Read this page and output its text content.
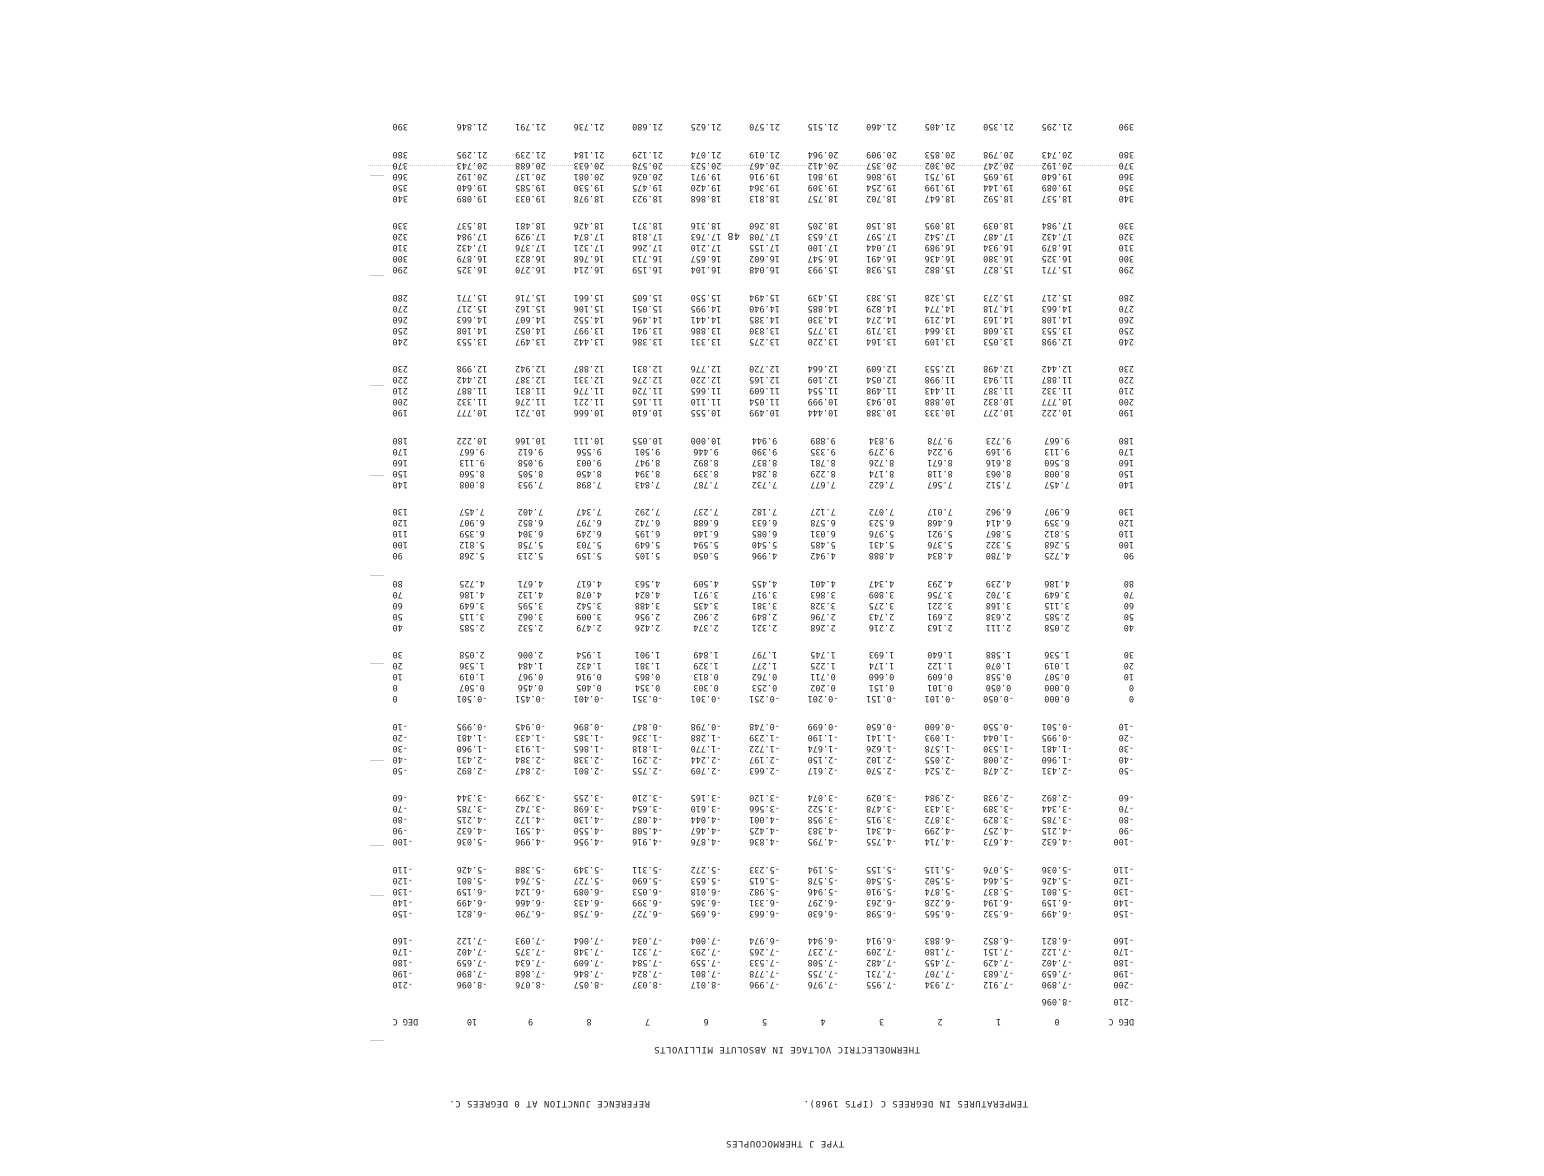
TYPE J THERMOCOUPLES
TEMPERATURES IN DEGREES C (IPTS 1968).
REFERENCE JUNCTION AT 0 DEGREES C.
THERMOELECTRIC VOLTAGE IN ABSOLUTE MILLIVOLTS
DEG C
0
1
2
3
4
5
6
7
8
9
10
DEG C
-210
-8.096
-200
-7.890
-7.912
-7.934
-7.955
-7.976
-7.996
-8.017
-8.037
-8.057
-8.076
-8.096
-210
-190
-7.659
-7.683
-7.707
-7.731
-7.755
-7.778
-7.801
-7.824
-7.846
-7.868
-7.890
-190
-180
-7.402
-7.429
-7.455
-7.482
-7.508
-7.533
-7.559
-7.584
-7.609
-7.634
-7.659
-180
-170
-7.122
-7.151
-7.180
-7.209
-7.237
-7.265
-7.293
-7.321
-7.348
-7.375
-7.402
-170
-160
-6.821
-6.852
-6.883
-6.914
-6.944
-6.974
-7.004
-7.034
-7.064
-7.093
-7.122
-160
-150
-6.499
-6.532
-6.565
-6.598
-6.630
-6.663
-6.695
-6.727
-6.758
-6.790
-6.821
-150
-140
-6.159
-6.194
-6.228
-6.263
-6.297
-6.331
-6.365
-6.399
-6.433
-6.466
-6.499
-140
-130
-5.801
-5.837
-5.874
-5.910
-5.946
-5.982
-6.018
-6.053
-6.089
-6.124
-6.159
-130
-120
-5.426
-5.464
-5.502
-5.540
-5.578
-5.615
-5.653
-5.690
-5.727
-5.764
-5.801
-120
-110
-5.036
-5.076
-5.115
-5.155
-5.194
-5.233
-5.272
-5.311
-5.349
-5.388
-5.426
-110
-100
-4.632
-4.673
-4.714
-4.755
-4.795
-4.836
-4.876
-4.916
-4.956
-4.996
-5.036
-100
-90
-4.215
-4.257
-4.299
-4.341
-4.383
-4.425
-4.467
-4.508
-4.550
-4.591
-4.632
-90
-80
-3.785
-3.829
-3.872
-3.915
-3.958
-4.001
-4.044
-4.087
-4.130
-4.172
-4.215
-80
-70
-3.344
-3.389
-3.433
-3.478
-3.522
-3.566
-3.610
-3.654
-3.698
-3.742
-3.785
-70
-60
-2.892
-2.938
-2.984
-3.029
-3.074
-3.120
-3.165
-3.210
-3.255
-3.299
-3.344
-60
-50
-2.431
-2.478
-2.524
-2.570
-2.617
-2.663
-2.709
-2.755
-2.801
-2.847
-2.892
-50
-40
-1.960
-2.008
-2.055
-2.102
-2.150
-2.197
-2.244
-2.291
-2.338
-2.384
-2.431
-40
-30
-1.481
-1.530
-1.578
-1.626
-1.674
-1.722
-1.770
-1.818
-1.865
-1.913
-1.960
-30
-20
-0.995
-1.044
-1.093
-1.141
-1.190
-1.239
-1.288
-1.336
-1.385
-1.433
-1.481
-20
-10
-0.501
-0.550
-0.600
-0.650
-0.699
-0.748
-0.798
-0.847
-0.896
-0.945
-0.995
-10
0
0.000
-0.050
-0.101
-0.151
-0.201
-0.251
-0.301
-0.351
-0.401
-0.451
-0.501
0
0
0.000
0.050
0.101
0.151
0.202
0.253
0.303
0.354
0.405
0.456
0.507
0
10
0.507
0.558
0.609
0.660
0.711
0.762
0.813
0.865
0.916
0.967
1.019
10
20
1.019
1.070
1.122
1.174
1.225
1.277
1.329
1.381
1.432
1.484
1.536
20
30
1.536
1.588
1.640
1.693
1.745
1.797
1.849
1.901
1.954
2.006
2.058
30
40
2.058
2.111
2.163
2.216
2.268
2.321
2.374
2.426
2.479
2.532
2.585
40
50
2.585
2.638
2.691
2.743
2.796
2.849
2.902
2.956
3.009
3.062
3.115
50
60
3.115
3.168
3.221
3.275
3.328
3.381
3.435
3.488
3.542
3.595
3.649
60
70
3.649
3.702
3.756
3.809
3.863
3.917
3.971
4.024
4.078
4.132
4.186
70
80
4.186
4.239
4.293
4.347
4.401
4.455
4.509
4.563
4.617
4.671
4.725
80
90
4.725
4.780
4.834
4.888
4.942
4.996
5.050
5.105
5.159
5.213
5.268
90
100
5.268
5.322
5.376
5.431
5.485
5.540
5.594
5.649
5.703
5.758
5.812
100
110
5.812
5.867
5.921
5.976
6.031
6.085
6.140
6.195
6.249
6.304
6.359
110
120
6.359
6.414
6.468
6.523
6.578
6.633
6.688
6.742
6.797
6.852
6.907
120
130
6.907
6.962
7.017
7.072
7.127
7.182
7.237
7.292
7.347
7.402
7.457
130
140
7.457
7.512
7.567
7.622
7.677
7.732
7.787
7.843
7.898
7.953
8.008
140
150
8.008
8.063
8.118
8.174
8.229
8.284
8.339
8.394
8.450
8.505
8.560
150
160
8.560
8.616
8.671
8.726
8.781
8.837
8.892
8.947
9.003
9.058
9.113
160
170
9.113
9.169
9.224
9.279
9.335
9.390
9.446
9.501
9.556
9.612
9.667
170
180
9.667
9.723
9.778
9.834
9.889
9.944
10.000
10.055
10.111
10.166
10.222
180
190
10.222
10.277
10.333
10.388
10.444
10.499
10.555
10.610
10.666
10.721
10.777
190
200
10.777
10.832
10.888
10.943
10.999
11.054
11.110
11.165
11.221
11.276
11.332
200
210
11.332
11.387
11.443
11.498
11.554
11.609
11.665
11.720
11.776
11.831
11.887
210
220
11.887
11.943
11.998
12.054
12.109
12.165
12.220
12.276
12.331
12.387
12.442
220
230
12.442
12.498
12.553
12.609
12.664
12.720
12.776
12.831
12.887
12.942
12.998
230
240
12.998
13.053
13.109
13.164
13.220
13.275
13.331
13.386
13.442
13.497
13.553
240
250
13.553
13.608
13.664
13.719
13.775
13.830
13.886
13.941
13.997
14.052
14.108
250
260
14.108
14.163
14.219
14.274
14.330
14.385
14.441
14.496
14.552
14.607
14.663
260
270
14.663
14.718
14.774
14.829
14.885
14.940
14.995
15.051
15.106
15.162
15.217
270
280
15.217
15.273
15.328
15.383
15.439
15.494
15.550
15.605
15.661
15.716
15.771
280
290
15.771
15.827
15.882
15.938
15.993
16.048
16.104
16.159
16.214
16.270
16.325
290
300
16.325
16.380
16.436
16.491
16.547
16.602
16.657
16.713
16.768
16.823
16.879
300
310
16.879
16.934
16.989
17.044
17.100
17.155
17.210
17.266
17.321
17.376
17.432
310
320
17.432
17.487
17.542
17.597
17.653
17.708
17.763
17.818
17.874
17.929
17.984
320
330
17.984
18.039
18.095
18.150
18.205
18.260
18.316
18.371
18.426
18.481
18.537
330
340
18.537
18.592
18.647
18.702
18.757
18.813
18.868
18.923
18.978
19.033
19.089
340
350
19.089
19.144
19.199
19.254
19.309
19.364
19.420
19.475
19.530
19.585
19.640
350
360
19.640
19.695
19.751
19.806
19.861
19.916
19.971
20.026
20.081
20.137
20.192
360
370
20.192
20.247
20.302
20.357
20.412
20.467
20.523
20.578
20.633
20.688
20.743
370
380
20.743
20.798
20.853
20.909
20.964
21.019
21.074
21.129
21.184
21.239
21.295
380
390
21.295
21.350
21.405
21.460
21.515
21.570
21.625
21.680
21.736
21.791
21.846
390
48
